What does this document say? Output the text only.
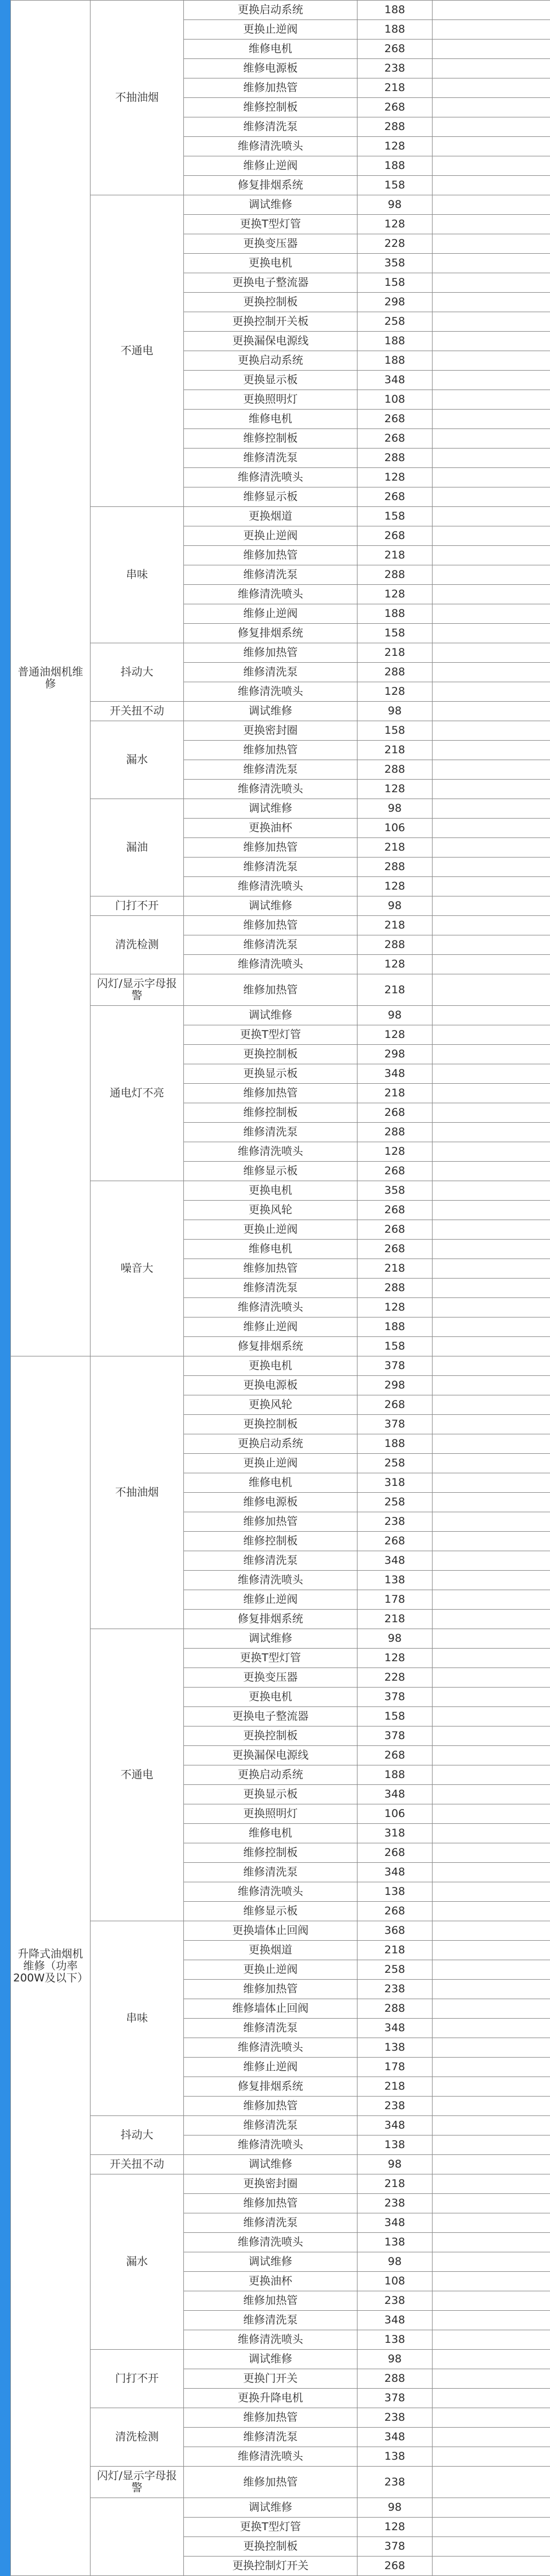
普通油烟机维修	不抽油烟	更换启动系统	188	
		更换止逆阀	188	
		维修电机	268	
		维修电源板	238	
		维修加热管	218	
		维修控制板	268	
		维修清洗泵	288	
		维修清洗喷头	128	
		维修止逆阀	188	
		修复排烟系统	158	
	不通电	调试维修	98	
		更换T型灯管	128	
		更换变压器	228	
		更换电机	358	
		更换电子整流器	158	
		更换控制板	298	
		更换控制开关板	258	
		更换漏保电源线	188	
		更换启动系统	188	
		更换显示板	348	
		更换照明灯	108	
		维修电机	268	
		维修控制板	268	
		维修清洗泵	288	
		维修清洗喷头	128	
		维修显示板	268	
	串味	更换烟道	158	
		更换止逆阀	268	
		维修加热管	218	
		维修清洗泵	288	
		维修清洗喷头	128	
		维修止逆阀	188	
		修复排烟系统	158	
	抖动大	维修加热管	218	
		维修清洗泵	288	
		维修清洗喷头	128	
	开关扭不动	调试维修	98	
	漏水	更换密封圈	158	
		维修加热管	218	
		维修清洗泵	288	
		维修清洗喷头	128	
	漏油	调试维修	98	
		更换油杯	106	
		维修加热管	218	
		维修清洗泵	288	
		维修清洗喷头	128	
	门打不开	调试维修	98	
	清洗检测	维修加热管	218	
		维修清洗泵	288	
		维修清洗喷头	128	
	闪灯/显示字母报警	维修加热管	218	
	通电灯不亮	调试维修	98	
		更换T型灯管	128	
		更换控制板	298	
		更换显示板	348	
		维修加热管	218	
		维修控制板	268	
		维修清洗泵	288	
		维修清洗喷头	128	
		维修显示板	268	
	噪音大	更换电机	358	
		更换风轮	268	
		更换止逆阀	268	
		维修电机	268	
		维修加热管	218	
		维修清洗泵	288	
		维修清洗喷头	128	
		维修止逆阀	188	
		修复排烟系统	158	
升降式油烟机维修（功率200W及以下）	不抽油烟	更换电机	378	
		更换电源板	298	
		更换风轮	268	
		更换控制板	378	
		更换启动系统	188	
		更换止逆阀	258	
		维修电机	318	
		维修电源板	258	
		维修加热管	238	
		维修控制板	268	
		维修清洗泵	348	
		维修清洗喷头	138	
		维修止逆阀	178	
		修复排烟系统	218	
	不通电	调试维修	98	
		更换T型灯管	128	
		更换变压器	228	
		更换电机	378	
		更换电子整流器	158	
		更换控制板	378	
		更换漏保电源线	268	
		更换启动系统	188	
		更换显示板	348	
		更换照明灯	106	
		维修电机	318	
		维修控制板	268	
		维修清洗泵	348	
		维修清洗喷头	138	
		维修显示板	268	
	串味	更换墙体止回阀	368	
		更换烟道	218	
		更换止逆阀	258	
		维修加热管	238	
		维修墙体止回阀	288	
		维修清洗泵	348	
		维修清洗喷头	138	
		维修止逆阀	178	
		修复排烟系统	218	
		维修加热管	238	
	抖动大	维修清洗泵	348	
		维修清洗喷头	138	
	开关扭不动	调试维修	98	
	漏水	更换密封圈	218	
		维修加热管	238	
		维修清洗泵	348	
		维修清洗喷头	138	
		调试维修	98	
		更换油杯	108	
		维修加热管	238	
		维修清洗泵	348	
		维修清洗喷头	138	
	门打不开	调试维修	98	
		更换门开关	288	
		更换升降电机	378	
	清洗检测	维修加热管	238	
		维修清洗泵	348	
		维修清洗喷头	138	
	闪灯/显示字母报警	维修加热管	238	
		调试维修	98	
		更换T型灯管	128	
		更换控制板	378	
		更换控制灯开关	268	
